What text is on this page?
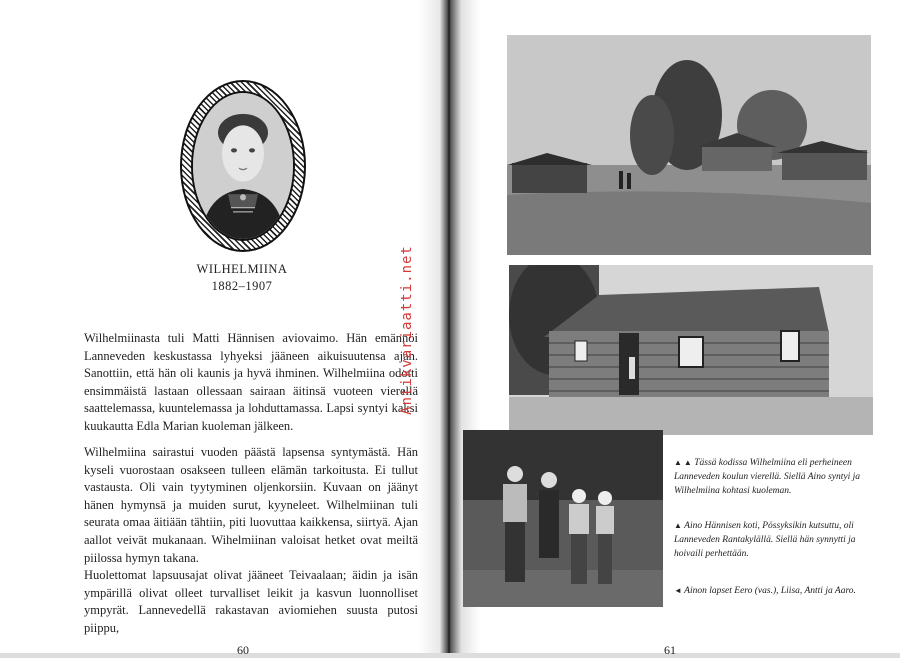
WILHELMIINA
1882–1907

Wilhelmiinasta tuli Matti Hännisen aviovaimo. Hän emännöi Lanneveden keskustassa lyhyeksi jääneen aikuisuutensa ajan. Sanottiin, että hän oli kaunis ja hyvä ihminen. Wilhelmiina odotti ensimmäistä lastaan ollessaan sairaan äitinsä vuoteen vierellä saattelemassa, kuuntelemassa ja lohduttamassa. Lapsi syntyi kaksi kuukautta Edla Marian kuoleman jälkeen.

Wilhelmiina sairastui vuoden päästä lapsensa syntymästä. Hän kyseli vuorostaan osakseen tulleen elämän tarkoitusta. Ei tullut vastausta. Oli vain tyytyminen oljenkorsiin. Kuvaan on jäänyt hänen hymynsä ja muiden surut, kyyneleet. Wilhelmiinan tuli seurata omaa äitiään tähtiin, piti luovuttaa kaikkensa, siirtyä. Ajan aallot veivät mukanaan. Wihelmiinan valoisat hetket ovat meiltä piilossa hymyn takana.

Huolettomat lapsuusajat olivat jääneet Teivaalaan; äidin ja isän ympärillä olivat olleet turvalliset leikit ja kasvun luonnolliset ympyrät. Lannevedellä rakastavan aviomiehen suusta putosi piippu,

60
Antikvariaatti.net
▲ ▲ Tässä kodissa Wilhelmiina eli perheineen Lanneveden koulun vierellä. Siellä Aino syntyi ja Wilhelmiina kohtasi kuoleman.
▲ Aino Hännisen koti, Pössyksikin kutsuttu, oli Lanneveden Rantakylällä. Siellä hän synnytti ja hoivaili perhettään.
◄ Ainon lapset Eero (vas.), Liisa, Antti ja Aaro.
61
